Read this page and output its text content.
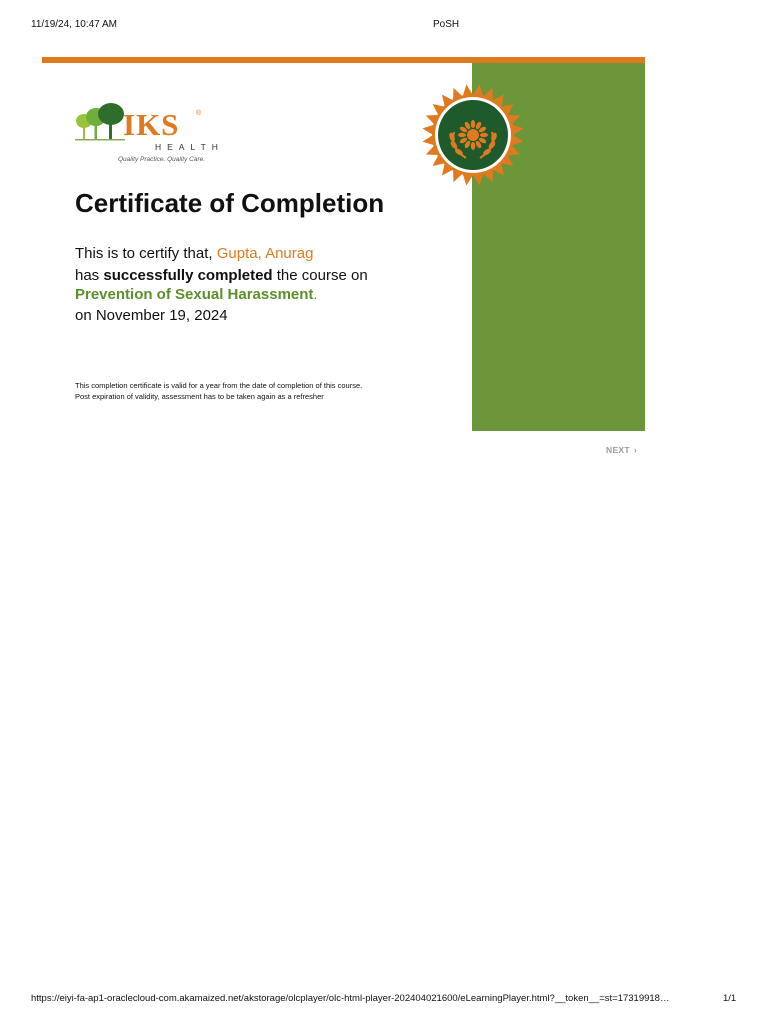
11/19/24, 10:47 AM	PoSH
IKS ®
HEALTH
Quality Practice. Quality Care.
Certificate of Completion
This is to certify that, Gupta, Anurag
has successfully completed the course on
Prevention of Sexual Harassment.
on November 19, 2024
This completion certificate is valid for a year from the date of completion of this course.
Post expiration of validity, assessment has to be taken again as a refresher
NEXT ›
https://eiyi-fa-ap1-oraclecloud-com.akamaized.net/akstorage/olcplayer/olc-html-player-202404021600/eLearningPlayer.html?__token__=st=17319918…	1/1
